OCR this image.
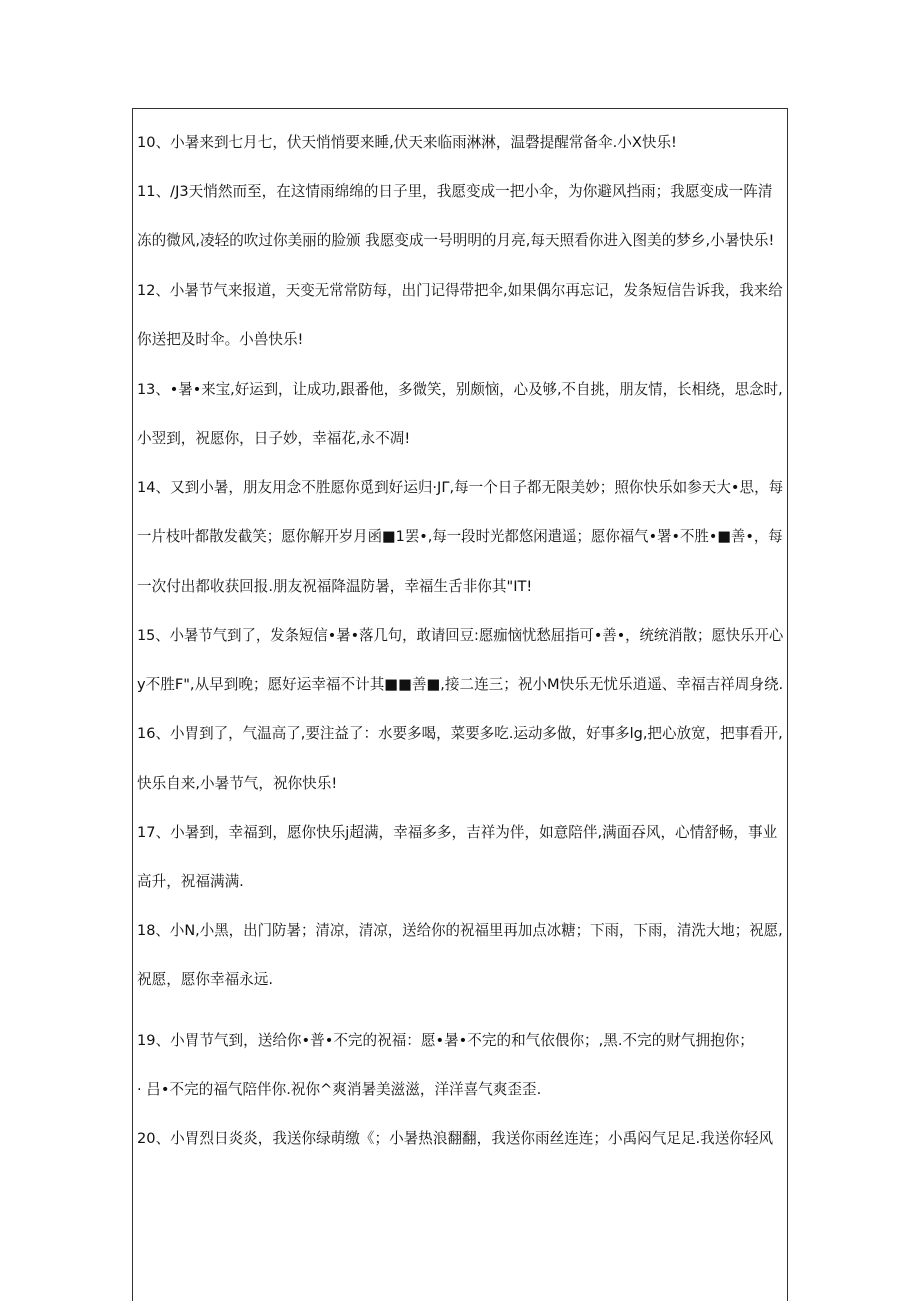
10、小暑来到七月七，伏天悄悄要来睡,伏天来临雨淋淋，温磬提醒常备伞.小X快乐!
11、/J3天悄然而至，在这情雨绵绵的日子里，我愿变成一把小伞，为你避风挡雨；我愿变成一阵清
冻的微风,凌轻的吹过你美丽的脸颁 我愿变成一号明明的月亮,每天照看你进入图美的梦乡,小暑快乐!
12、小暑节气来报道，天变无常常防每，出门记得带把伞,如果偶尔再忘记，发条短信告诉我，我来给
你送把及时伞。小兽快乐!
13、•暑•来宝,好运到，让成功,跟番他，多微笑，别颇恼，心及够,不自挑，朋友情，长相绕，思念时,
小翌到，祝愿你，日子妙，幸福花,永不凋!
14、又到小暑，朋友用念不胜愿你觅到好运归·JΓ,每一个日子都无限美妙；照你快乐如参天大•思，每
一片枝叶都散发截笑；愿你解开岁月函■1罢•,每一段时光都悠闲遣遥；愿你福气•署•不胜•■善•，每
一次付出都收获回报.朋友祝福降温防暑，幸福生舌非你其"IT!
15、小暑节气到了，发条短信•暑•落几句，敢请回豆:愿痂恼忧愁屈指可•善•，统统消散；愿快乐开心
y不胜F",从早到晚；愿好运幸福不计其■■善■,接二连三；祝小M快乐无忧乐逍遥、幸福吉祥周身绕.
16、小胃到了，气温高了,要注益了：水要多喝，菜要多吃.运动多做，好事多lg,把心放宽，把事看开,
快乐自来,小暑节气，祝你快乐!
17、小暑到，幸福到，愿你快乐j超满，幸福多多，吉祥为伴，如意陪伴,满面吞风，心情舒畅，事业
高升，祝福满满.
18、小N,小黑，出门防暑；清凉，清凉，送给你的祝福里再加点冰糖；下雨，下雨，清洗大地；祝愿,
祝愿，愿你幸福永远.
19、小胃节气到，送给你•普•不完的祝福：愿•暑•不完的和气依偎你；,黑.不完的财气拥抱你；
· 吕•不完的福气陪伴你.祝你^爽消暑美滋滋，洋洋喜气爽歪歪.
20、小胃烈日炎炎，我送你绿萌缴《；小暑热浪翻翻，我送你雨丝连连；小禹闷气足足.我送你轻风
